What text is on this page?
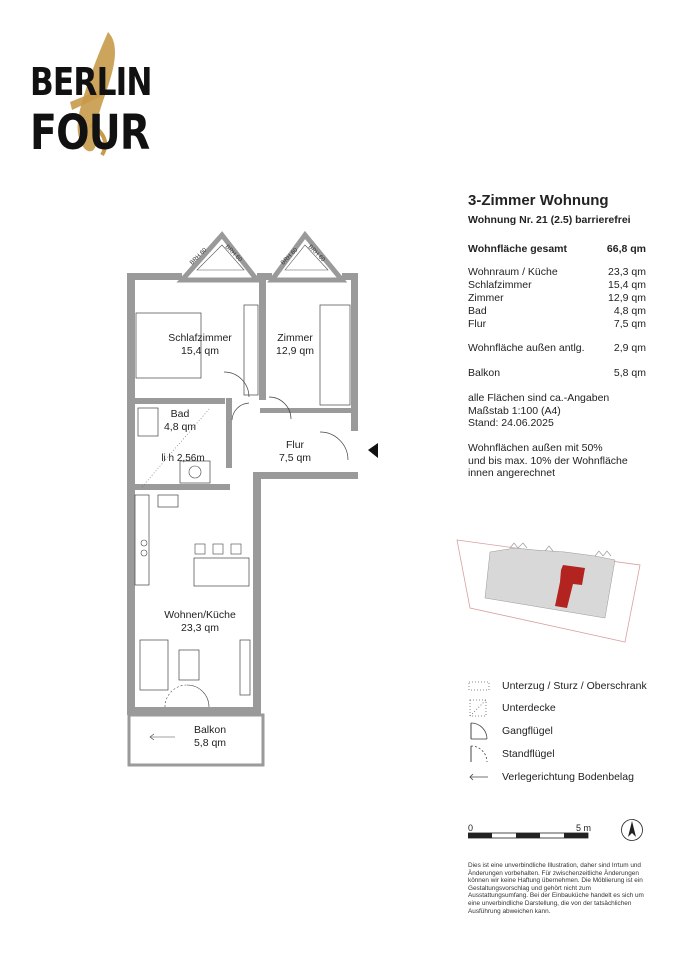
BERLIN
FOUR
3-Zimmer Wohnung
Wohnung Nr. 21 (2.5) barrierefrei
Wohnfläche gesamt	66,8 qm
Wohnraum / Küche	23,3 qm
Schlafzimmer	15,4 qm
Zimmer	12,9 qm
Bad	4,8 qm
Flur	7,5 qm
Wohnfläche außen antlg.	2,9 qm
Balkon	5,8 qm
alle Flächen sind ca.-Angaben
Maßstab 1:100 (A4)
Stand: 24.06.2025
Wohnflächen außen mit 50%
und bis max. 10% der Wohnfläche
innen angerechnet
Unterzug / Sturz / Oberschrank
Unterdecke
Gangflügel
Standflügel
Verlegerichtung Bodenbelag
0	5 m
Dies ist eine unverbindliche Illustration, daher sind Irrtum und Änderungen vorbehalten. Für zwischenzeitliche Änderungen können wir keine Haftung übernehmen. Die Möblierung ist ein Gestaltungsvorschlag und gehört nicht zum Ausstattungsumfang. Bei der Einbauküche handelt es sich um eine unverbindliche Darstellung, die von der tatsächlichen Ausführung abweichen kann.
BRH 60	BRH 60	BRH 60 BRH 60
Schlafzimmer
15,4 qm
Zimmer
12,9 qm
Bad
4,8 qm
li h 2,56m
Flur
7,5 qm
Wohnen/Küche
23,3 qm
Balkon
5,8 qm
